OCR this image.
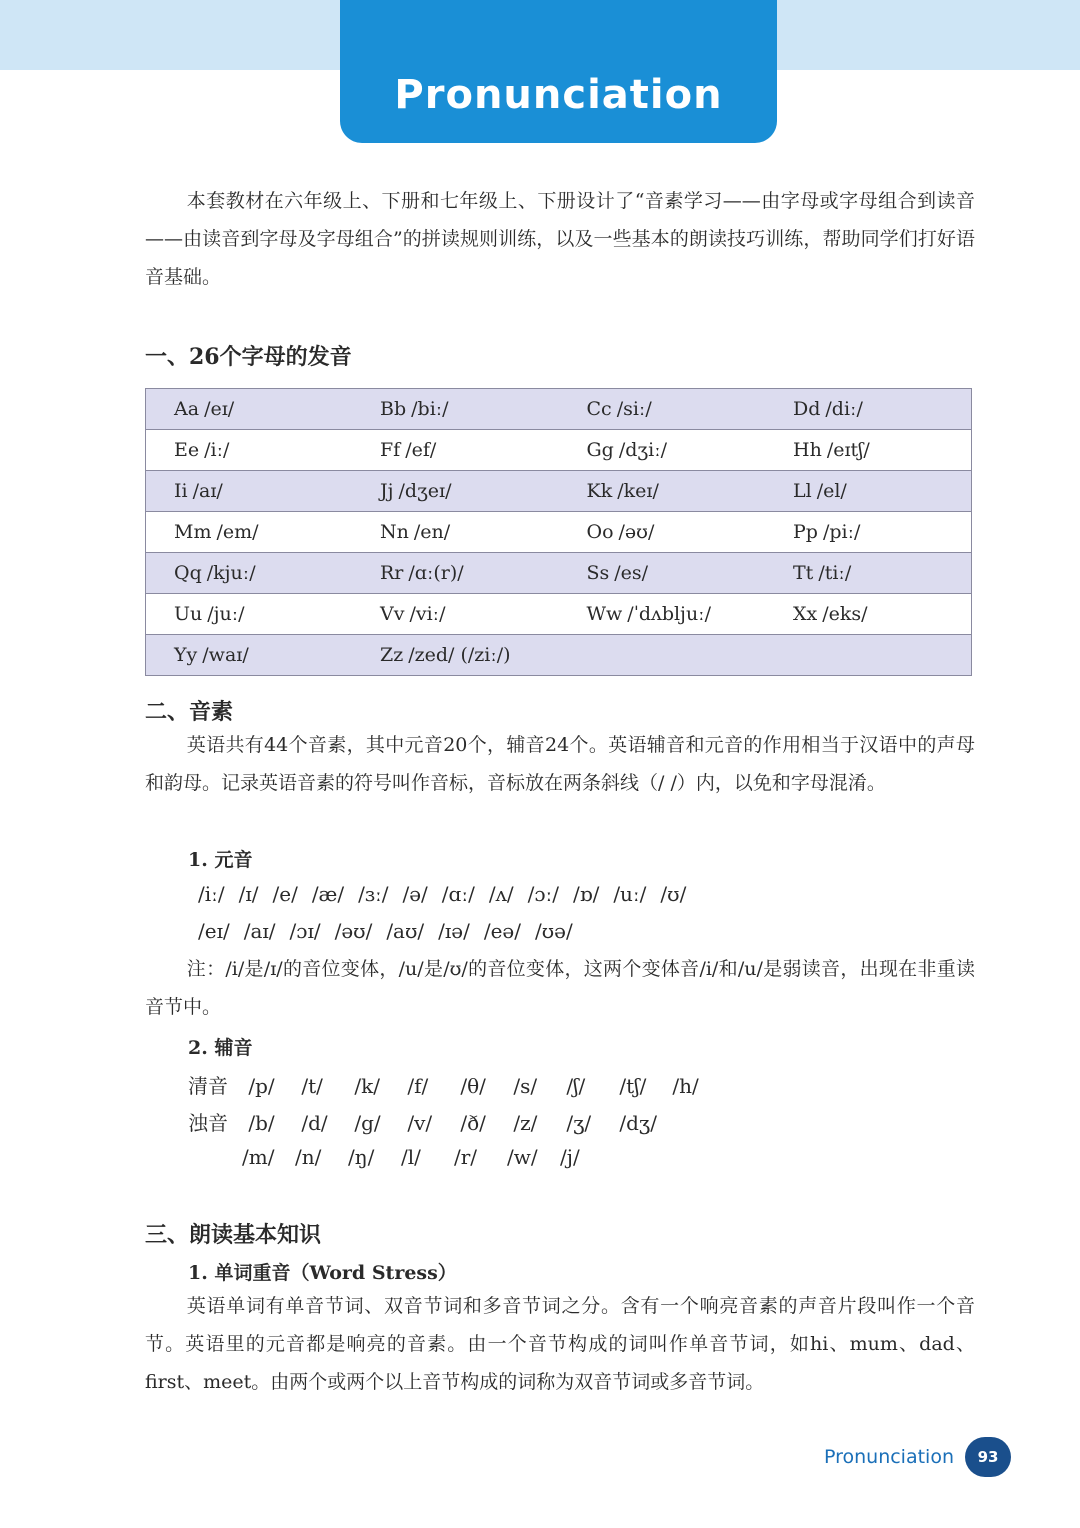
Pronunciation

本套教材在六年级上、下册和七年级上、下册设计了“音素学习——由字母或字母组合到读音——由读音到字母及字母组合”的拼读规则训练，以及一些基本的朗读技巧训练，帮助同学们打好语音基础。

一、26个字母的发音
Aa /eɪ/	Bb /biː/	Cc /siː/	Dd /diː/
Ee /iː/	Ff /ef/	Gg /dʒiː/	Hh /eɪtʃ/
Ii /aɪ/	Jj /dʒeɪ/	Kk /keɪ/	Ll /el/
Mm /em/	Nn /en/	Oo /əʊ/	Pp /piː/
Qq /kjuː/	Rr /ɑː(r)/	Ss /es/	Tt /tiː/
Uu /juː/	Vv /viː/	Ww /ˈdʌbljuː/	Xx /eks/
Yy /waɪ/	Zz /zed/ (/ziː/)		
二、音素

英语共有44个音素，其中元音20个，辅音24个。英语辅音和元音的作用相当于汉语中的声母和韵母。记录英语音素的符号叫作音标，音标放在两条斜线（/ /）内，以免和字母混淆。

1. 元音
/iː/ /ɪ/ /e/ /æ/ /ɜː/ /ə/ /ɑː/ /ʌ/ /ɔː/ /ɒ/ /uː/ /ʊ/
/eɪ/ /aɪ/ /ɔɪ/ /əʊ/ /aʊ/ /ɪə/ /eə/ /ʊə/

注：/i/是/ɪ/的音位变体，/u/是/ʊ/的音位变体，这两个变体音/i/和/u/是弱读音，出现在非重读音节中。

2. 辅音
清音 /p/ /t/ /k/ /f/ /θ/ /s/ /ʃ/ /tʃ/ /h/
浊音 /b/ /d/ /g/ /v/ /ð/ /z/ /ʒ/ /dʒ/
/m/ /n/ /ŋ/ /l/ /r/ /w/ /j/
三、朗读基本知识
1. 单词重音（Word Stress）

英语单词有单音节词、双音节词和多音节词之分。含有一个响亮音素的声音片段叫作一个音节。英语里的元音都是响亮的音素。由一个音节构成的词叫作单音节词，如hi、mum、dad、first、meet。由两个或两个以上音节构成的词称为双音节词或多音节词。

Pronunciation	93
